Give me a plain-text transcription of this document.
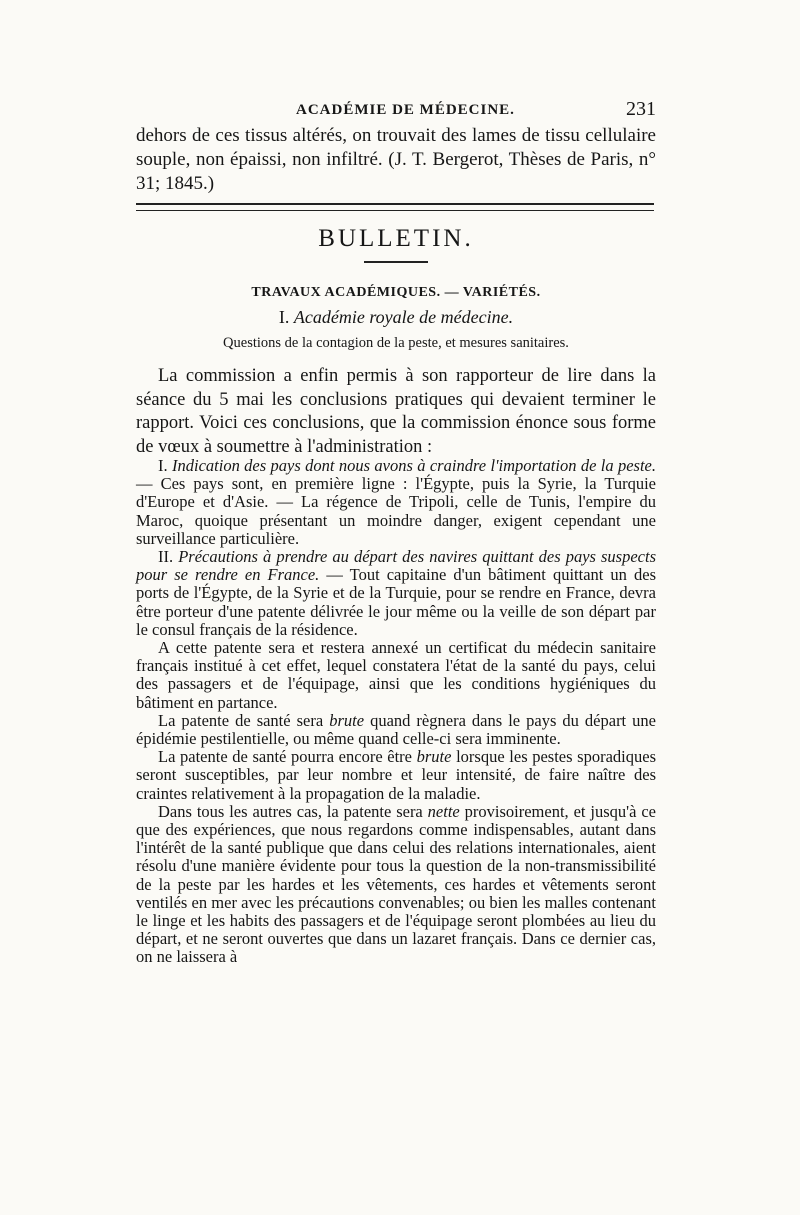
ACADÉMIE DE MÉDECINE.	231

dehors de ces tissus altérés, on trouvait des lames de tissu cellulaire souple, non épaissi, non infiltré. (J. T. Bergerot, Thèses de Paris, n° 31; 1845.)

BULLETIN.
TRAVAUX ACADÉMIQUES. — VARIÉTÉS.
I. Académie royale de médecine.
Questions de la contagion de la peste, et mesures sanitaires.

La commission a enfin permis à son rapporteur de lire dans la séance du 5 mai les conclusions pratiques qui devaient terminer le rapport. Voici ces conclusions, que la commission énonce sous forme de vœux à soumettre à l'administration :

I. Indication des pays dont nous avons à craindre l'importation de la peste. — Ces pays sont, en première ligne : l'Égypte, puis la Syrie, la Turquie d'Europe et d'Asie. — La régence de Tripoli, celle de Tunis, l'empire du Maroc, quoique présentant un moindre danger, exigent cependant une surveillance particulière.

II. Précautions à prendre au départ des navires quittant des pays suspects pour se rendre en France. — Tout capitaine d'un bâtiment quittant un des ports de l'Égypte, de la Syrie et de la Turquie, pour se rendre en France, devra être porteur d'une patente délivrée le jour même ou la veille de son départ par le consul français de la résidence.

A cette patente sera et restera annexé un certificat du médecin sanitaire français institué à cet effet, lequel constatera l'état de la santé du pays, celui des passagers et de l'équipage, ainsi que les conditions hygiéniques du bâtiment en partance.

La patente de santé sera brute quand règnera dans le pays du départ une épidémie pestilentielle, ou même quand celle-ci sera imminente.

La patente de santé pourra encore être brute lorsque les pestes sporadiques seront susceptibles, par leur nombre et leur intensité, de faire naître des craintes relativement à la propagation de la maladie.

Dans tous les autres cas, la patente sera nette provisoirement, et jusqu'à ce que des expériences, que nous regardons comme indispensables, autant dans l'intérêt de la santé publique que dans celui des relations internationales, aient résolu d'une manière évidente pour tous la question de la non-transmissibilité de la peste par les hardes et les vêtements, ces hardes et vêtements seront ventilés en mer avec les précautions convenables; ou bien les malles contenant le linge et les habits des passagers et de l'équipage seront plombées au lieu du départ, et ne seront ouvertes que dans un lazaret français. Dans ce dernier cas, on ne laissera à
